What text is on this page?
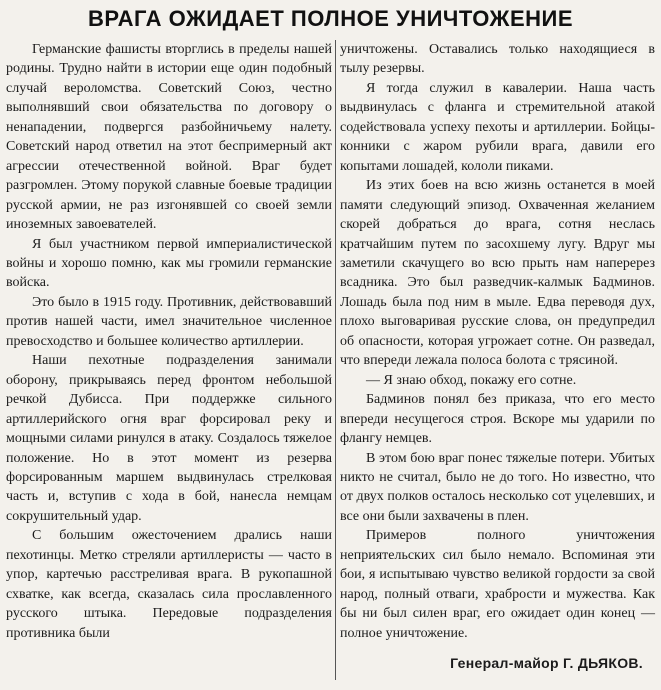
ВРАГА ОЖИДАЕТ ПОЛНОЕ УНИЧТОЖЕНИЕ

Германские фашисты вторглись в пределы нашей родины. Трудно найти в истории еще один подобный случай вероломства. Советский Союз, честно выполнявший свои обязательства по договору о ненападении, подвергся разбойничьему налету. Советский народ ответил на этот беспримерный акт агрессии отечественной войной. Враг будет разгромлен. Этому порукой славные боевые традиции русской армии, не раз изгонявшей со своей земли иноземных завоевателей.

Я был участником первой империалистической войны и хорошо помню, как мы громили германские войска.

Это было в 1915 году. Противник, действовавший против нашей части, имел значительное численное превосходство и большее количество артиллерии.

Наши пехотные подразделения занимали оборону, прикрываясь перед фронтом небольшой речкой Дубисса. При поддержке сильного артиллерийского огня враг форсировал реку и мощными силами ринулся в атаку. Создалось тяжелое положение. Но в этот момент из резерва форсированным маршем выдвинулась стрелковая часть и, вступив с хода в бой, нанесла немцам сокрушительный удар.

С большим ожесточением дрались наши пехотинцы. Метко стреляли артиллеристы — часто в упор, картечью расстреливая врага. В рукопашной схватке, как всегда, сказалась сила прославленного русского штыка. Передовые подразделения противника были

уничтожены. Оставались только находящиеся в тылу резервы.

Я тогда служил в кавалерии. Наша часть выдвинулась с фланга и стремительной атакой содействовала успеху пехоты и артиллерии. Бойцы-конники с жаром рубили врага, давили его копытами лошадей, кололи пиками.

Из этих боев на всю жизнь останется в моей памяти следующий эпизод. Охваченная желанием скорей добраться до врага, сотня неслась кратчайшим путем по засохшему лугу. Вдруг мы заметили скачущего во всю прыть нам наперерез всадника. Это был разведчик-калмык Бадминов. Лошадь была под ним в мыле. Едва переводя дух, плохо выговаривая русские слова, он предупредил об опасности, которая угрожает сотне. Он разведал, что впереди лежала полоса болота с трясиной.

— Я знаю обход, покажу его сотне.

Бадминов понял без приказа, что его место впереди несущегося строя. Вскоре мы ударили по флангу немцев.

В этом бою враг понес тяжелые потери. Убитых никто не считал, было не до того. Но известно, что от двух полков осталось несколько сот уцелевших, и все они были захвачены в плен.

Примеров полного уничтожения неприятельских сил было немало. Вспоминая эти бои, я испытываю чувство великой гордости за свой народ, полный отваги, храбрости и мужества. Как бы ни был силен враг, его ожидает один конец — полное уничтожение.

Генерал-майор Г. ДЬЯКОВ.
